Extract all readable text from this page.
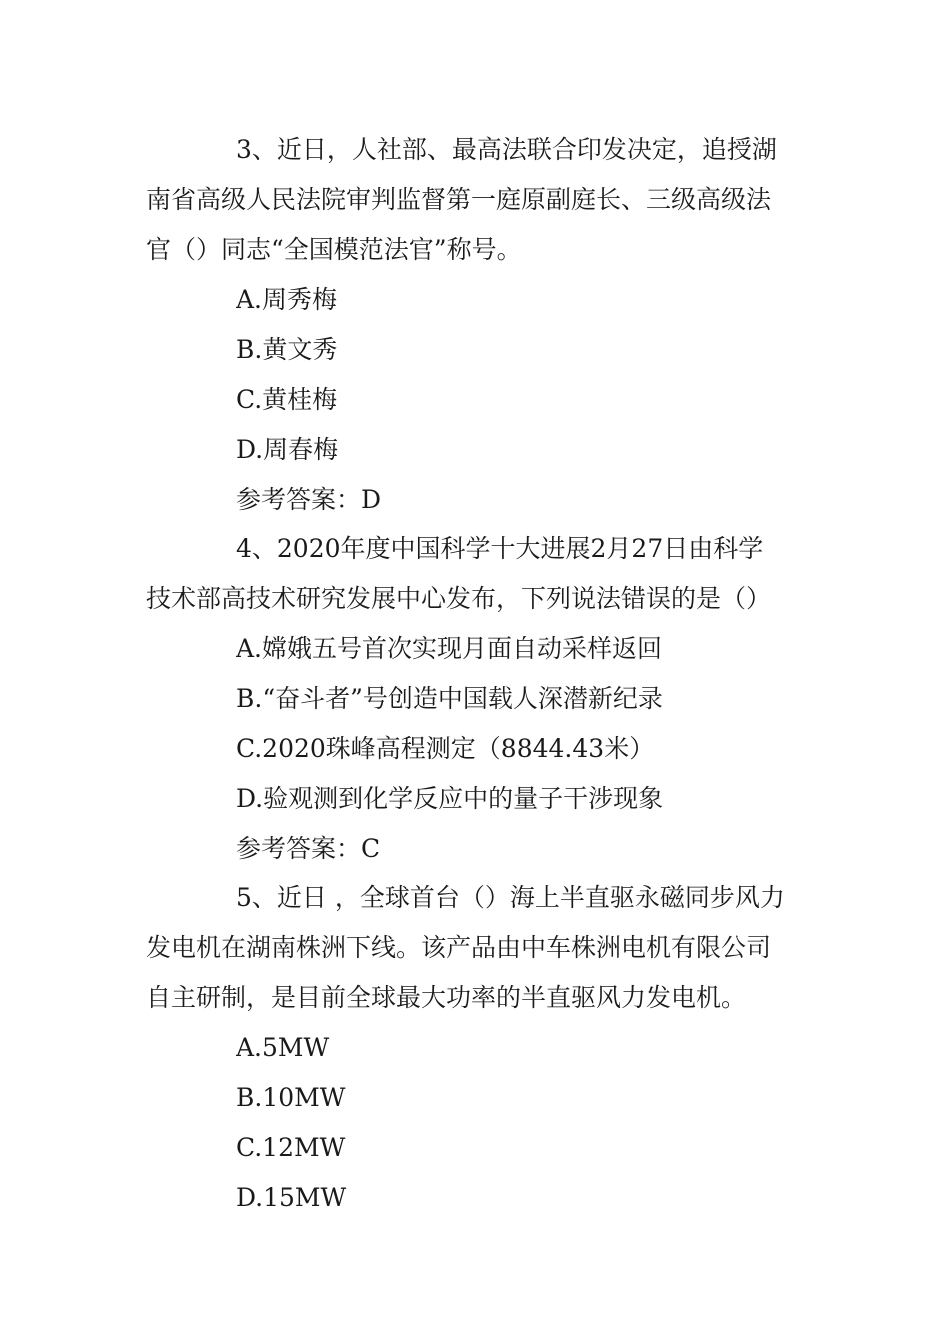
3、近日，人社部、最高法联合印发决定，追授湖
南省高级人民法院审判监督第一庭原副庭长、三级高级法
官（）同志“全国模范法官”称号。
A.周秀梅
B.黄文秀
C.黄桂梅
D.周春梅
参考答案：D
4、2020年度中国科学十大进展2月27日由科学
技术部高技术研究发展中心发布，下列说法错误的是（）
A.嫦娥五号首次实现月面自动采样返回
B.“奋斗者”号创造中国载人深潜新纪录
C.2020珠峰高程测定（8844.43米）
D.验观测到化学反应中的量子干涉现象
参考答案：C
5、近日 ，全球首台（）海上半直驱永磁同步风力
发电机在湖南株洲下线。该产品由中车株洲电机有限公司
自主研制，是目前全球最大功率的半直驱风力发电机。
A.5MW
B.10MW
C.12MW
D.15MW
